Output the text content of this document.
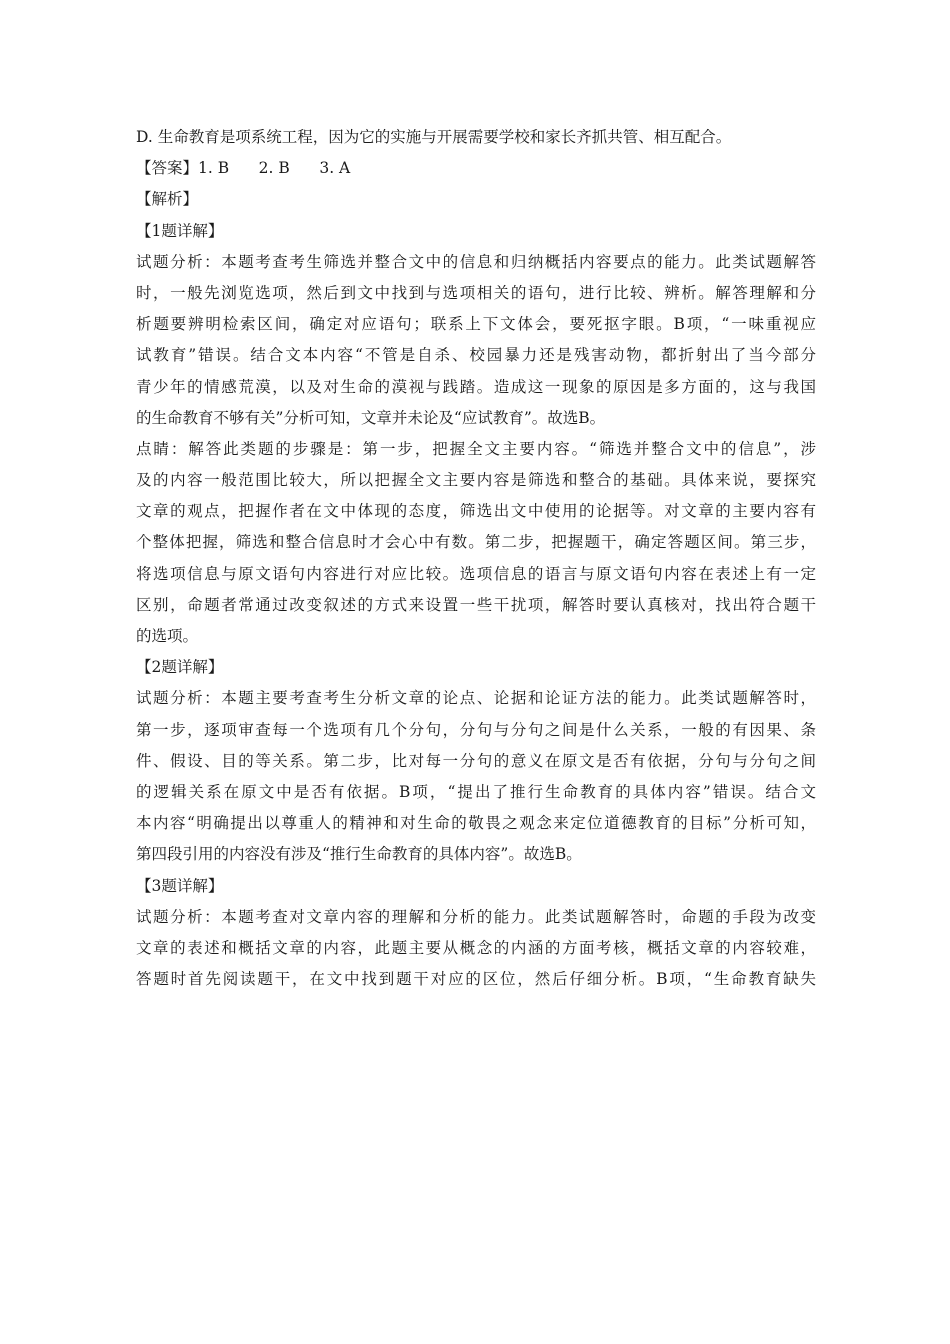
D. 生命教育是项系统工程，因为它的实施与开展需要学校和家长齐抓共管、相互配合。
【答案】1. B      2. B      3. A
【解析】
【1题详解】
试题分析：本题考查考生筛选并整合文中的信息和归纳概括内容要点的能力。此类试题解答
时，一般先浏览选项，然后到文中找到与选项相关的语句，进行比较、辨析。解答理解和分
析题要辨明检索区间，确定对应语句；联系上下文体会，要死抠字眼。B项，“一味重视应
试教育”错误。结合文本内容“不管是自杀、校园暴力还是残害动物，都折射出了当今部分
青少年的情感荒漠，以及对生命的漠视与践踏。造成这一现象的原因是多方面的，这与我国
的生命教育不够有关”分析可知，文章并未论及“应试教育”。故选B。
点睛：解答此类题的步骤是：第一步，把握全文主要内容。“筛选并整合文中的信息”，涉
及的内容一般范围比较大，所以把握全文主要内容是筛选和整合的基础。具体来说，要探究
文章的观点，把握作者在文中体现的态度，筛选出文中使用的论据等。对文章的主要内容有
个整体把握，筛选和整合信息时才会心中有数。第二步，把握题干，确定答题区间。第三步，
将选项信息与原文语句内容进行对应比较。选项信息的语言与原文语句内容在表述上有一定
区别，命题者常通过改变叙述的方式来设置一些干扰项，解答时要认真核对，找出符合题干
的选项。
【2题详解】
试题分析：本题主要考查考生分析文章的论点、论据和论证方法的能力。此类试题解答时，
第一步，逐项审查每一个选项有几个分句，分句与分句之间是什么关系，一般的有因果、条
件、假设、目的等关系。第二步，比对每一分句的意义在原文是否有依据，分句与分句之间
的逻辑关系在原文中是否有依据。B项，“提出了推行生命教育的具体内容”错误。结合文
本内容“明确提出以尊重人的精神和对生命的敬畏之观念来定位道德教育的目标”分析可知，
第四段引用的内容没有涉及“推行生命教育的具体内容”。故选B。
【3题详解】
试题分析：本题考查对文章内容的理解和分析的能力。此类试题解答时，命题的手段为改变
文章的表述和概括文章的内容，此题主要从概念的内涵的方面考核，概括文章的内容较难，
答题时首先阅读题干，在文中找到题干对应的区位，然后仔细分析。B项，“生命教育缺失
